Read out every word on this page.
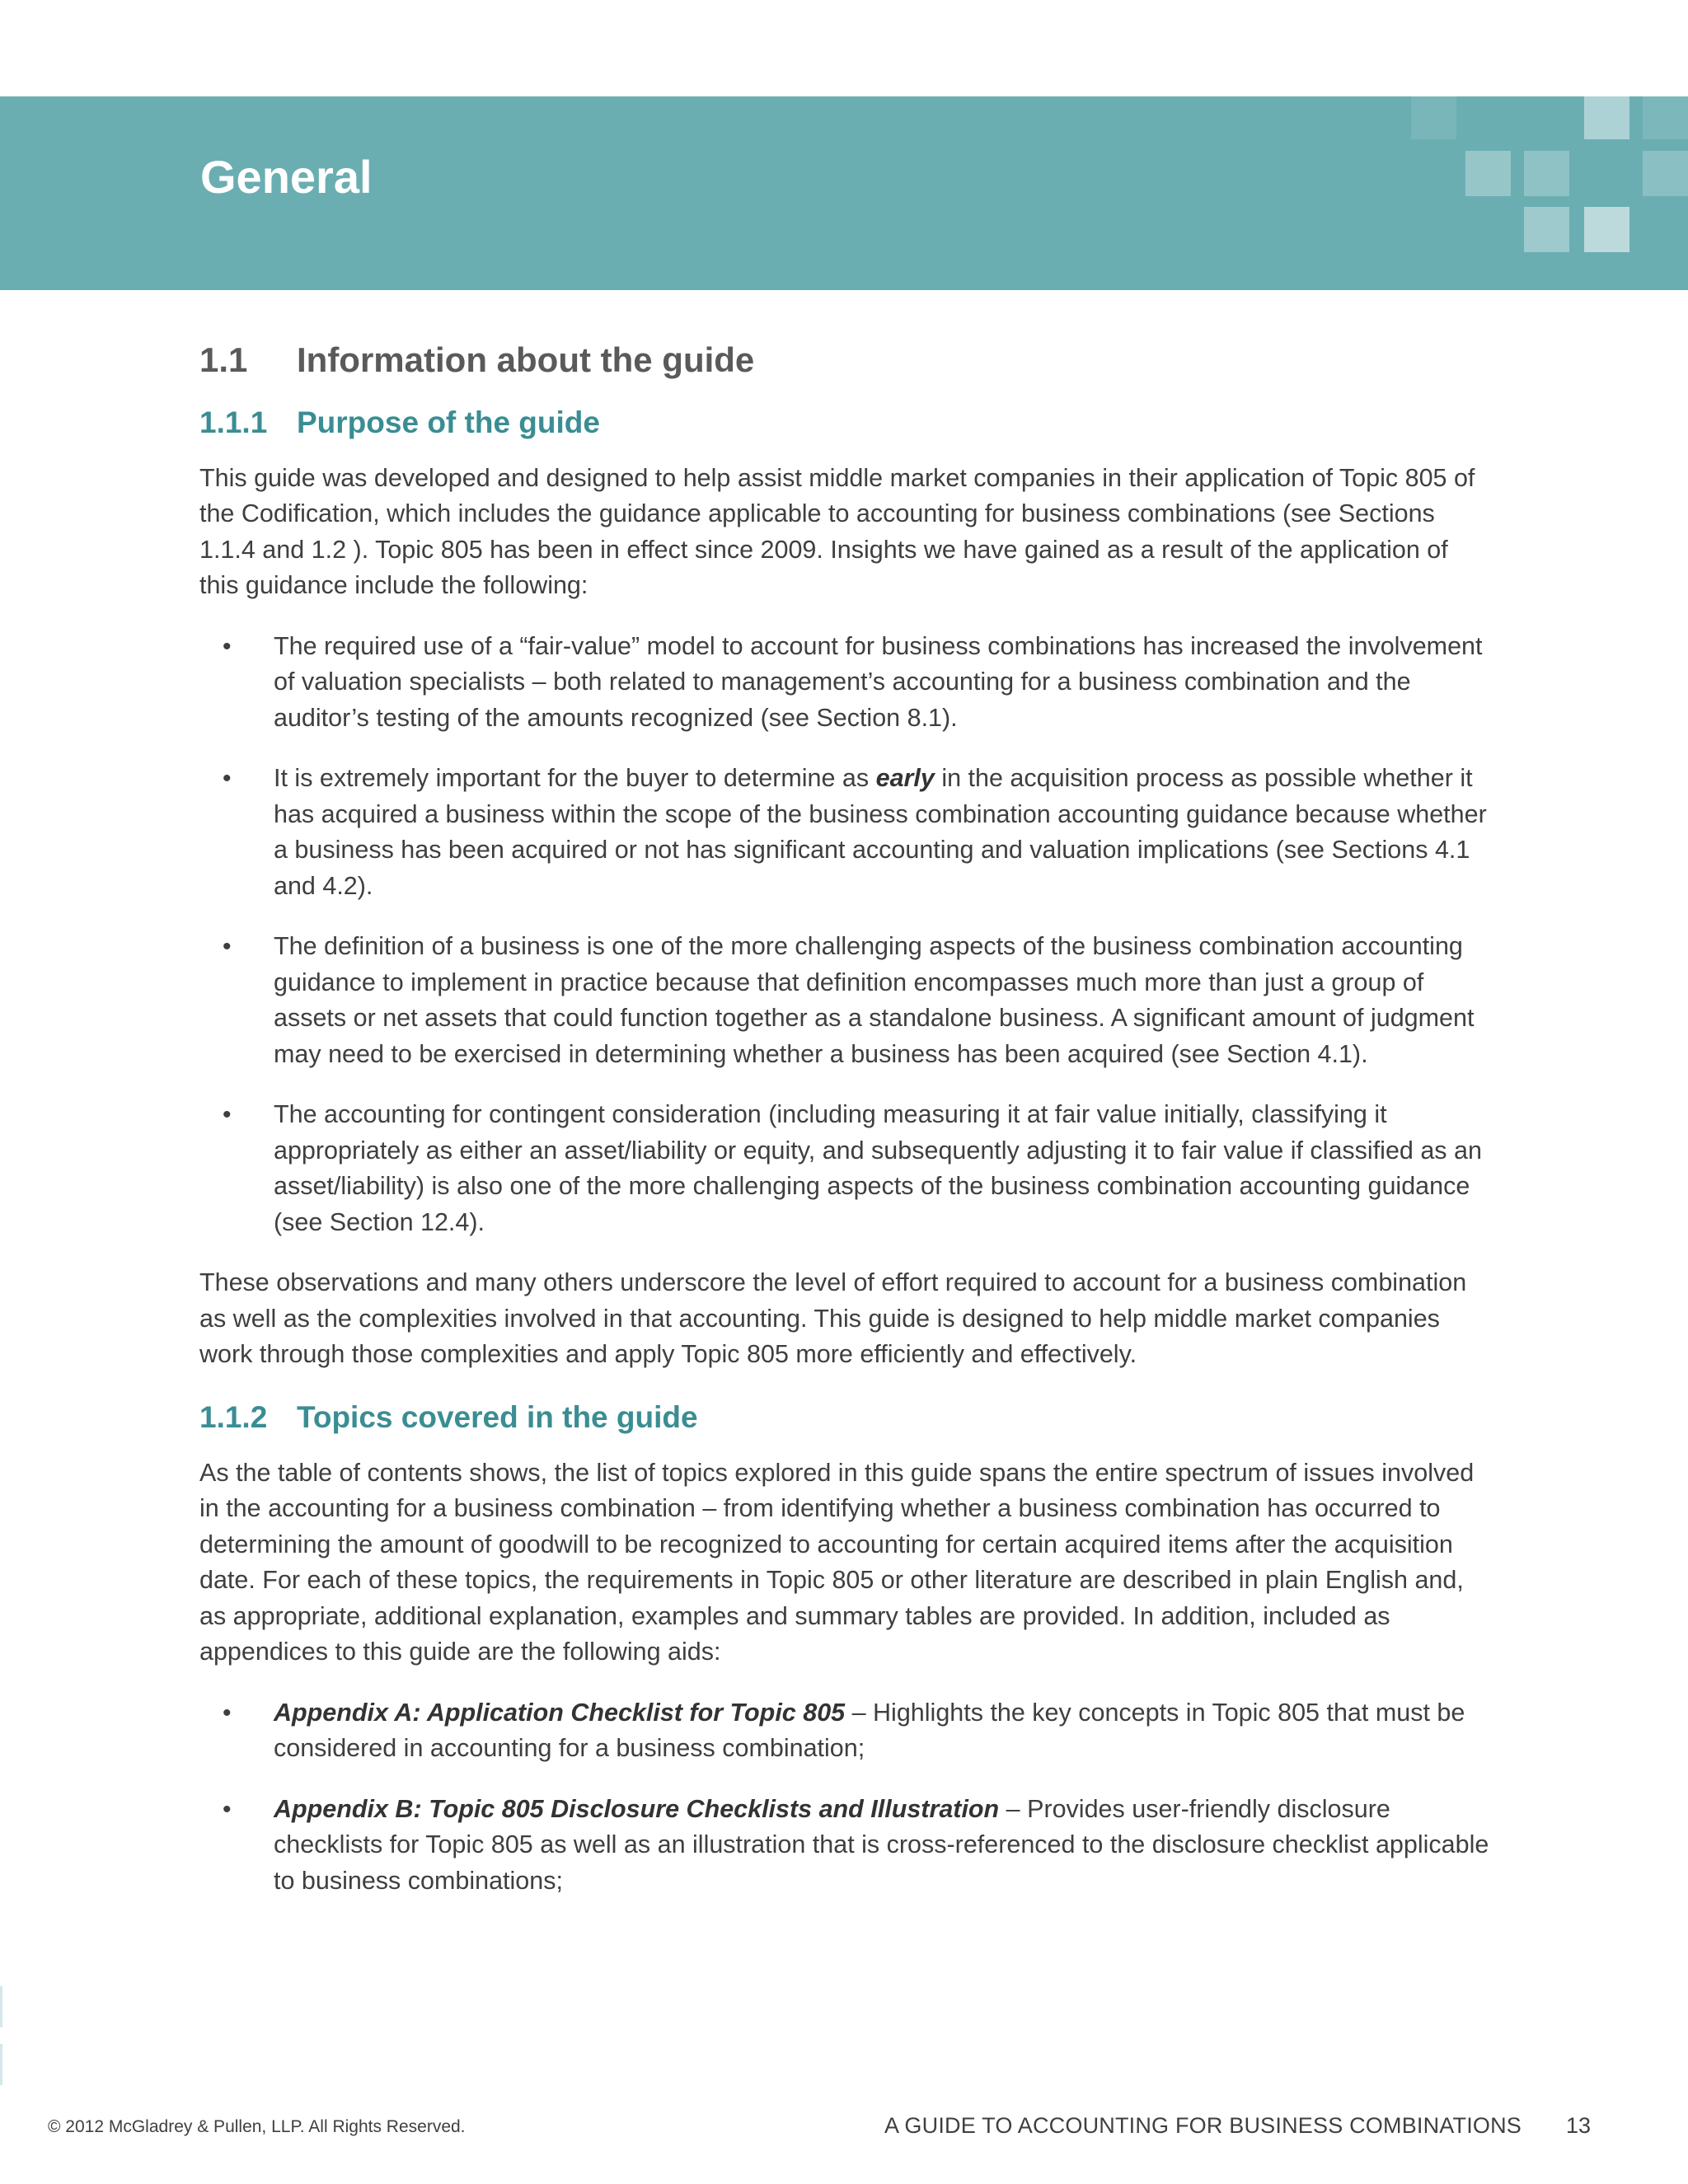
General
1.1	Information about the guide
1.1.1 Purpose of the guide

This guide was developed and designed to help assist middle market companies in their application of Topic 805 of the Codification, which includes the guidance applicable to accounting for business combinations (see Sections 1.1.4 and 1.2 ). Topic 805 has been in effect since 2009. Insights we have gained as a result of the application of this guidance include the following:

• The required use of a “fair-value” model to account for business combinations has increased the involvement of valuation specialists – both related to management’s accounting for a business combination and the auditor’s testing of the amounts recognized (see Section 8.1).
• It is extremely important for the buyer to determine as early in the acquisition process as possible whether it has acquired a business within the scope of the business combination accounting guidance because whether a business has been acquired or not has significant accounting and valuation implications (see Sections 4.1 and 4.2).
• The definition of a business is one of the more challenging aspects of the business combination accounting guidance to implement in practice because that definition encompasses much more than just a group of assets or net assets that could function together as a standalone business. A significant amount of judgment may need to be exercised in determining whether a business has been acquired (see Section 4.1).
• The accounting for contingent consideration (including measuring it at fair value initially, classifying it appropriately as either an asset/liability or equity, and subsequently adjusting it to fair value if classified as an asset/liability) is also one of the more challenging aspects of the business combination accounting guidance (see Section 12.4).

These observations and many others underscore the level of effort required to account for a business combination as well as the complexities involved in that accounting. This guide is designed to help middle market companies work through those complexities and apply Topic 805 more efficiently and effectively.

1.1.2 Topics covered in the guide

As the table of contents shows, the list of topics explored in this guide spans the entire spectrum of issues involved in the accounting for a business combination – from identifying whether a business combination has occurred to determining the amount of goodwill to be recognized to accounting for certain acquired items after the acquisition date. For each of these topics, the requirements in Topic 805 or other literature are described in plain English and, as appropriate, additional explanation, examples and summary tables are provided. In addition, included as appendices to this guide are the following aids:

• Appendix A: Application Checklist for Topic 805 – Highlights the key concepts in Topic 805 that must be considered in accounting for a business combination;
• Appendix B: Topic 805 Disclosure Checklists and Illustration – Provides user-friendly disclosure checklists for Topic 805 as well as an illustration that is cross-referenced to the disclosure checklist applicable to business combinations;
© 2012 McGladrey & Pullen, LLP. All Rights Reserved.	A GUIDE TO ACCOUNTING FOR BUSINESS COMBINATIONS 13
